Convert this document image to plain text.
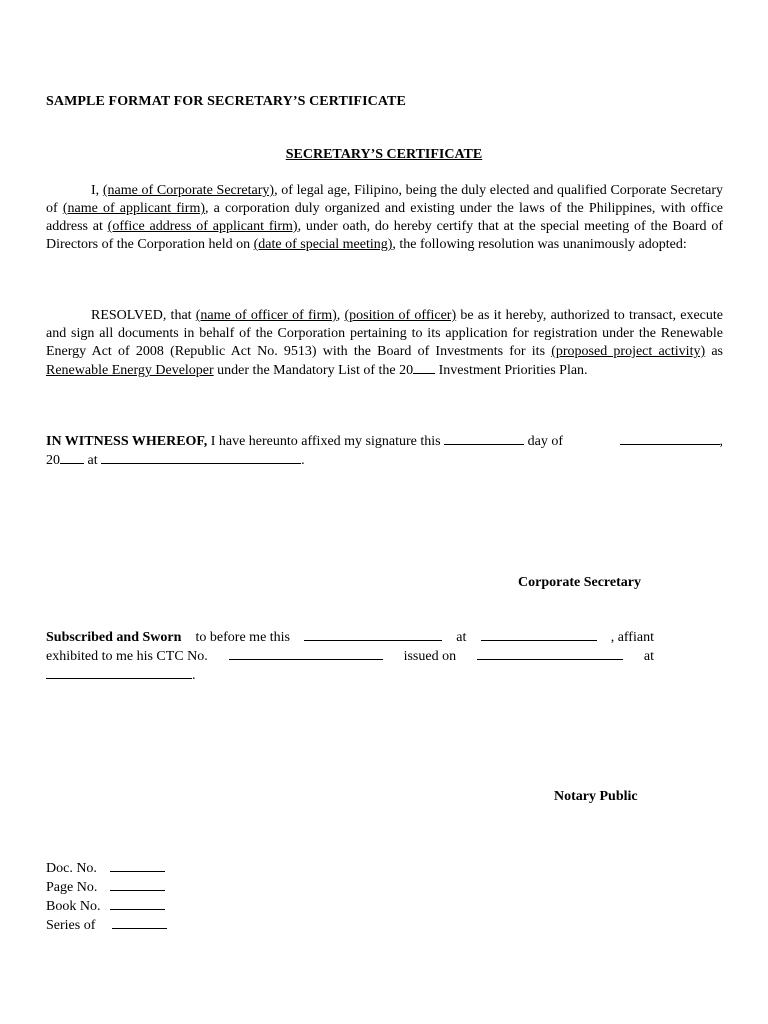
SAMPLE FORMAT FOR SECRETARY’S CERTIFICATE
SECRETARY’S CERTIFICATE
I, (name of Corporate Secretary), of legal age, Filipino, being the duly elected and qualified Corporate Secretary of (name of applicant firm), a corporation duly organized and existing under the laws of the Philippines, with office address at (office address of applicant firm), under oath, do hereby certify that at the special meeting of the Board of Directors of the Corporation held on (date of special meeting), the following resolution was unanimously adopted:
RESOLVED, that (name of officer of firm), (position of officer) be as it hereby, authorized to transact, execute and sign all documents in behalf of the Corporation pertaining to its application for registration under the Renewable Energy Act of 2008 (Republic Act No. 9513) with the Board of Investments for its (proposed project activity) as Renewable Energy Developer under the Mandatory List of the 20 Investment Priorities Plan.
IN WITNESS WHEREOF, I have hereunto affixed my signature this	day of	,
20 at	.
Corporate Secretary
Subscribed and Sworn to before me this	at	, affiant
exhibited to me his CTC No.	issued on	at
.
Notary Public
Doc. No.
Page No.
Book No.
Series of
